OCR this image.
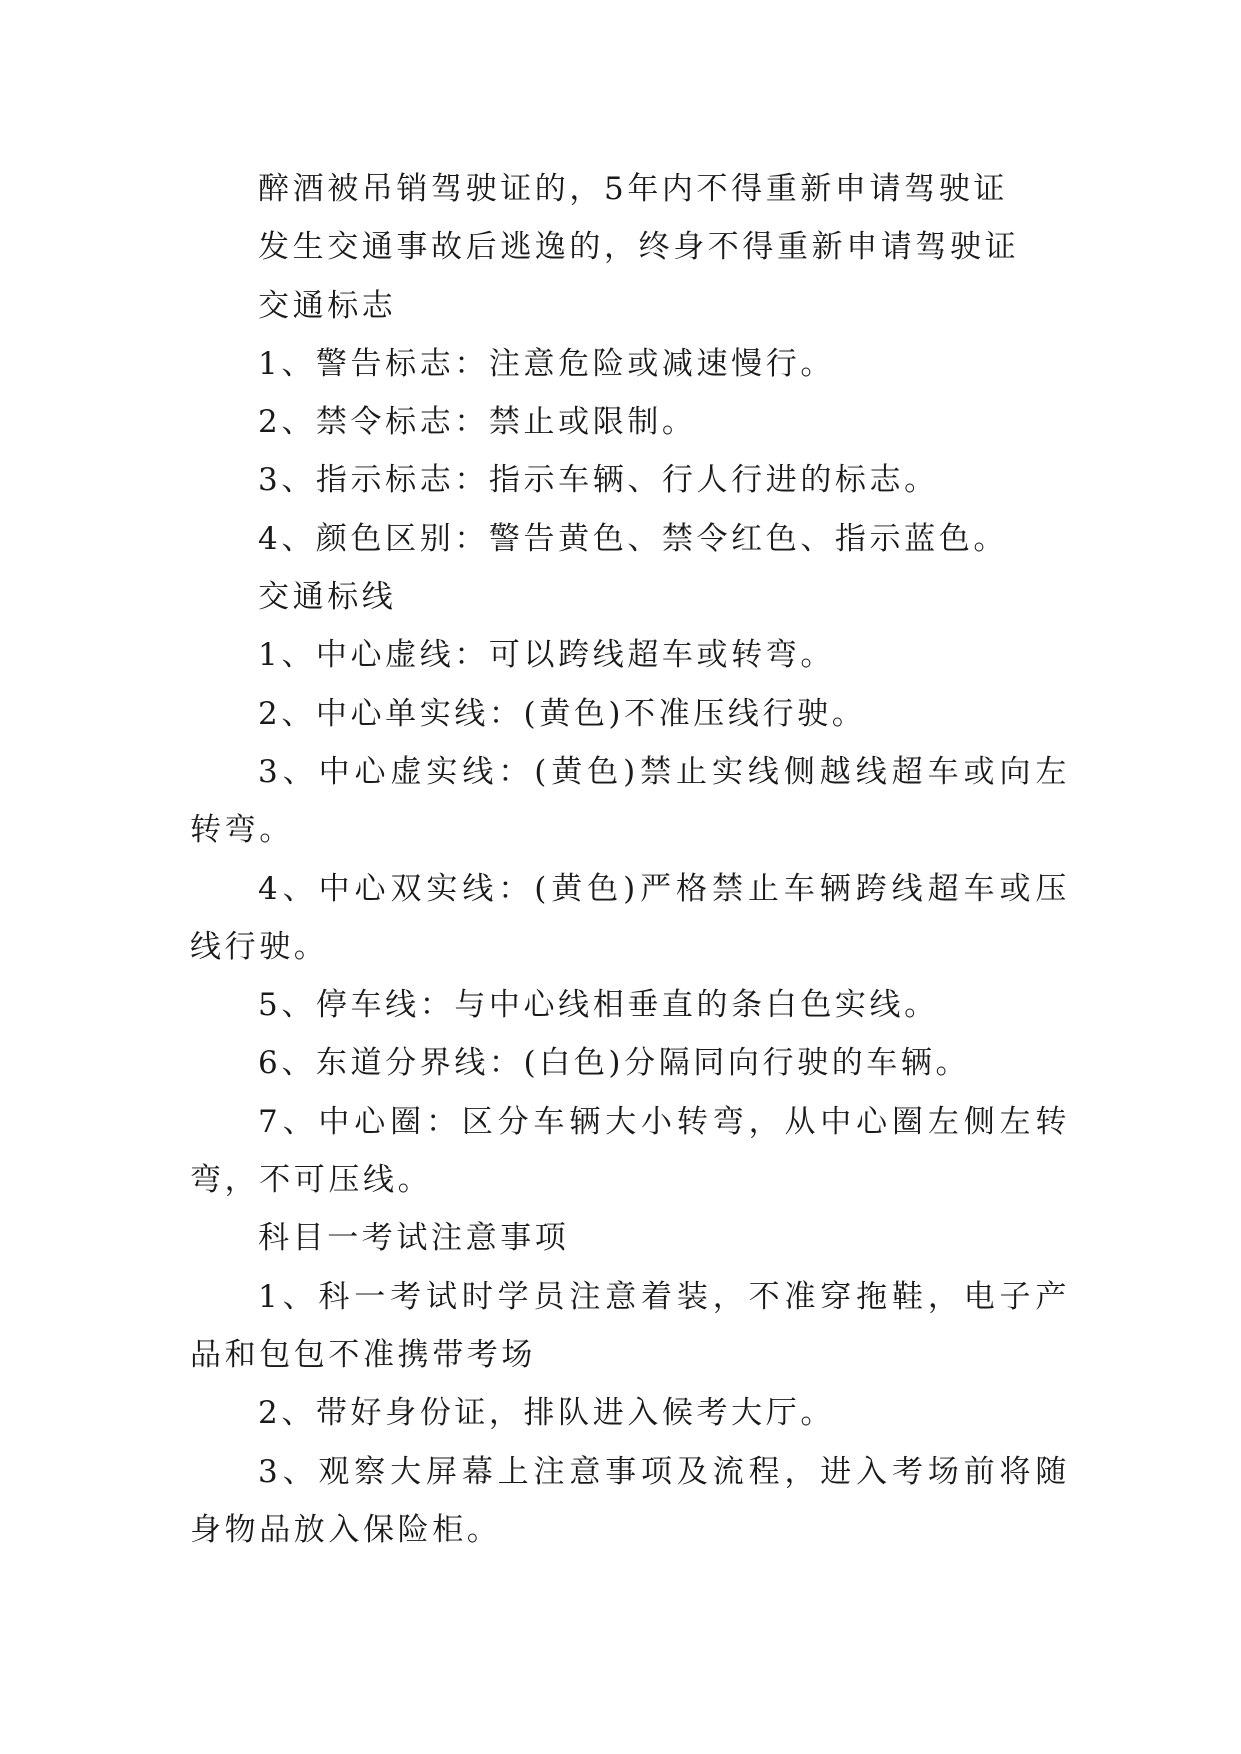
醉酒被吊销驾驶证的，5年内不得重新申请驾驶证

发生交通事故后逃逸的，终身不得重新申请驾驶证

交通标志

1、警告标志：注意危险或减速慢行。

2、禁令标志：禁止或限制。

3、指示标志：指示车辆、行人行进的标志。

4、颜色区别：警告黄色、禁令红色、指示蓝色。

交通标线

1、中心虚线：可以跨线超车或转弯。

2、中心单实线：(黄色)不准压线行驶。

3、中心虚实线：(黄色)禁止实线侧越线超车或向左转弯。

4、中心双实线：(黄色)严格禁止车辆跨线超车或压线行驶。

5、停车线：与中心线相垂直的条白色实线。

6、东道分界线：(白色)分隔同向行驶的车辆。

7、中心圈：区分车辆大小转弯，从中心圈左侧左转弯，不可压线。

科目一考试注意事项

1、科一考试时学员注意着装，不准穿拖鞋，电子产品和包包不准携带考场

2、带好身份证，排队进入候考大厅。

3、观察大屏幕上注意事项及流程，进入考场前将随身物品放入保险柜。
